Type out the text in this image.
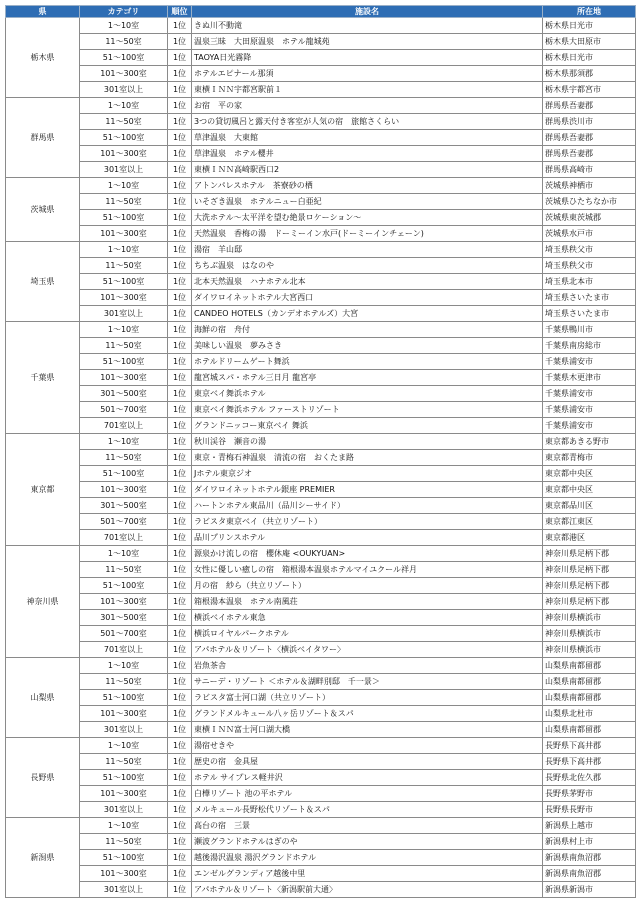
県	カテゴリ	順位	施設名	所在地
栃木県	1～10室	1位	きぬ川不動滝	栃木県日光市
	11～50室	1位	温泉三昧　大田原温泉　ホテル龍城苑	栃木県大田原市
	51～100室	1位	TAOYA日光霧降	栃木県日光市
	101～300室	1位	ホテルエピナール那須	栃木県那須郡
	301室以上	1位	東横ＩＮＮ宇都宮駅前１	栃木県宇都宮市
群馬県	1～10室	1位	お宿　平の家	群馬県吾妻郡
	11～50室	1位	3つの貸切風呂と露天付き客室が人気の宿　旅館さくらい	群馬県渋川市
	51～100室	1位	草津温泉　大東館	群馬県吾妻郡
	101～300室	1位	草津温泉　ホテル櫻井	群馬県吾妻郡
	301室以上	1位	東横ＩＮＮ高崎駅西口2	群馬県高崎市
茨城県	1～10室	1位	アトンパレスホテル　茶寮砂の栖	茨城県神栖市
	11～50室	1位	いそざき温泉　ホテルニュー白亜紀	茨城県ひたちなか市
	51～100室	1位	大洗ホテル～太平洋を望む絶景ロケーション～	茨城県東茨城郡
	101～300室	1位	天然温泉　香梅の湯　ドーミーイン水戸(ドーミーインチェーン)	茨城県水戸市
埼玉県	1～10室	1位	湯宿　羊山邸	埼玉県秩父市
	11～50室	1位	ちちぶ温泉　はなのや	埼玉県秩父市
	51～100室	1位	北本天然温泉　ハナホテル北本	埼玉県北本市
	101～300室	1位	ダイワロイネットホテル大宮西口	埼玉県さいたま市
	301室以上	1位	CANDEO HOTELS（カンデオホテルズ）大宮	埼玉県さいたま市
千葉県	1～10室	1位	海鮮の宿　舟付	千葉県鴨川市
	11～50室	1位	美味しい温泉　夢みさき	千葉県南房総市
	51～100室	1位	ホテルドリームゲート舞浜	千葉県浦安市
	101～300室	1位	龍宮城スパ・ホテル三日月 龍宮亭	千葉県木更津市
	301～500室	1位	東京ベイ舞浜ホテル	千葉県浦安市
	501～700室	1位	東京ベイ舞浜ホテル ファーストリゾート	千葉県浦安市
	701室以上	1位	グランドニッコー東京ベイ 舞浜	千葉県浦安市
東京都	1～10室	1位	秋川渓谷　瀬音の湯	東京都あきる野市
	11～50室	1位	東京・青梅石神温泉　清流の宿　おくたま路	東京都青梅市
	51～100室	1位	Jホテル東京ジオ	東京都中央区
	101～300室	1位	ダイワロイネットホテル銀座 PREMIER	東京都中央区
	301～500室	1位	ハートンホテル東品川（品川シーサイド）	東京都品川区
	501～700室	1位	ラビスタ東京ベイ（共立リゾート）	東京都江東区
	701室以上	1位	品川プリンスホテル	東京都港区
神奈川県	1～10室	1位	源泉かけ流しの宿　櫻休庵 <OUKYUAN>	神奈川県足柄下郡
	11～50室	1位	女性に優しい癒しの宿　箱根湯本温泉ホテルマイユクール祥月	神奈川県足柄下郡
	51～100室	1位	月の宿　紗ら（共立リゾート）	神奈川県足柄下郡
	101～300室	1位	箱根湯本温泉　ホテル南風荘	神奈川県足柄下郡
	301～500室	1位	横浜ベイホテル東急	神奈川県横浜市
	501～700室	1位	横浜ロイヤルパークホテル	神奈川県横浜市
	701室以上	1位	アパホテル＆リゾート〈横浜ベイタワー〉	神奈川県横浜市
山梨県	1～10室	1位	岩魚茶舎	山梨県南都留郡
	11～50室	1位	サニーデ・リゾート ＜ホテル＆湖畔別邸　千一景＞	山梨県南都留郡
	51～100室	1位	ラビスタ富士河口湖（共立リゾート）	山梨県南都留郡
	101～300室	1位	グランドメルキュール八ヶ岳リゾート＆スパ	山梨県北杜市
	301室以上	1位	東横ＩＮＮ富士河口湖大橋	山梨県南都留郡
長野県	1～10室	1位	湯宿せきや	長野県下高井郡
	11～50室	1位	歴史の宿　金具屋	長野県下高井郡
	51～100室	1位	ホテル サイプレス軽井沢	長野県北佐久郡
	101～300室	1位	白樺リゾート 池の平ホテル	長野県茅野市
	301室以上	1位	メルキュール長野松代リゾート＆スパ	長野県長野市
新潟県	1～10室	1位	高台の宿　三景	新潟県上越市
	11～50室	1位	瀬波グランドホテルはぎのや	新潟県村上市
	51～100室	1位	越後湯沢温泉 湯沢グランドホテル	新潟県南魚沼郡
	101～300室	1位	エンゼルグランディア越後中里	新潟県南魚沼郡
	301室以上	1位	アパホテル＆リゾート〈新潟駅前大通〉	新潟県新潟市
